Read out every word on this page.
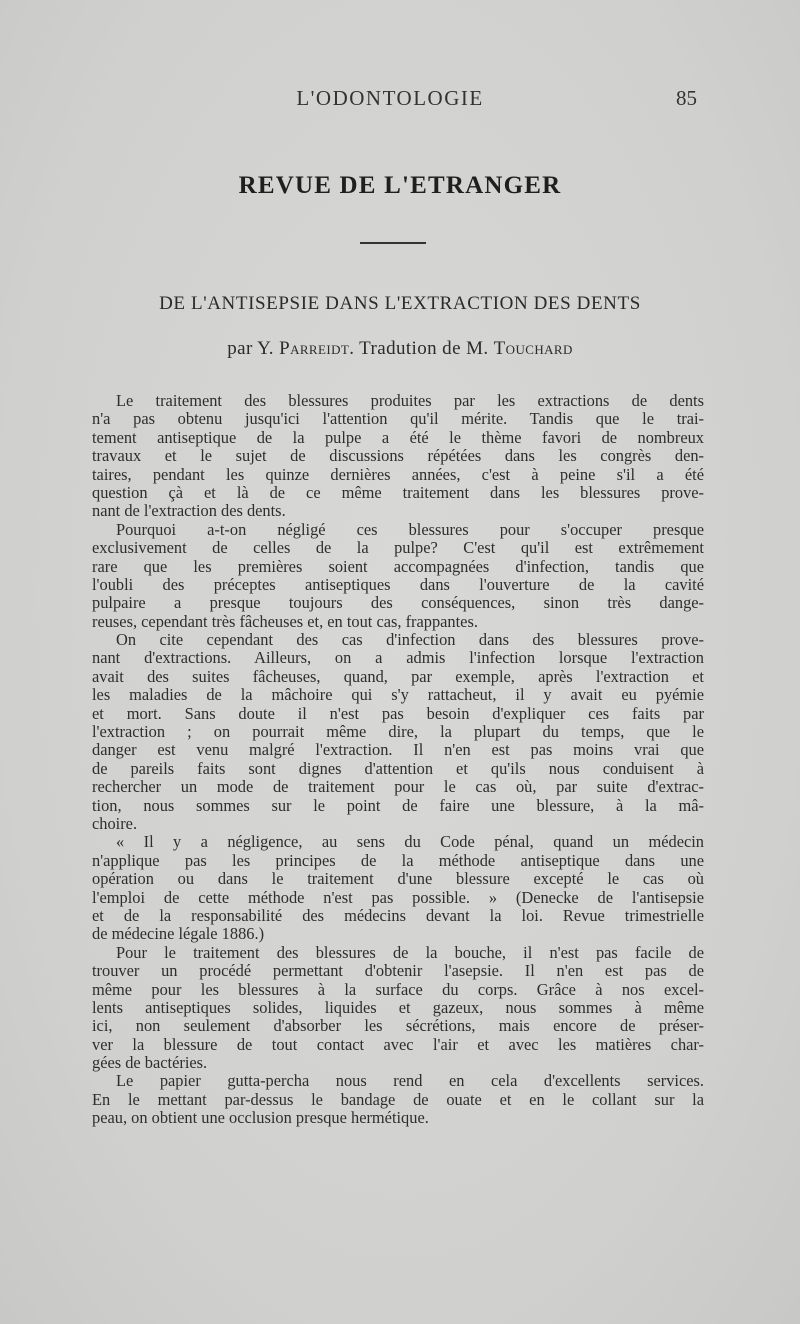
L'ODONTOLOGIE	85
REVUE DE L'ETRANGER
DE L'ANTISEPSIE DANS L'EXTRACTION DES DENTS
par Y. Parreidt. Tradution de M. Touchard
Le traitement des blessures produites par les extractions de dents
n'a pas obtenu jusqu'ici l'attention qu'il mérite. Tandis que le trai-
tement antiseptique de la pulpe a été le thème favori de nombreux
travaux et le sujet de discussions répétées dans les congrès den-
taires, pendant les quinze dernières années, c'est à peine s'il a été
question çà et là de ce même traitement dans les blessures prove-
nant de l'extraction des dents.
Pourquoi a-t-on négligé ces blessures pour s'occuper presque
exclusivement de celles de la pulpe? C'est qu'il est extrêmement
rare que les premières soient accompagnées d'infection, tandis que
l'oubli des préceptes antiseptiques dans l'ouverture de la cavité
pulpaire a presque toujours des conséquences, sinon très dange-
reuses, cependant très fâcheuses et, en tout cas, frappantes.
On cite cependant des cas d'infection dans des blessures prove-
nant d'extractions. Ailleurs, on a admis l'infection lorsque l'extraction
avait des suites fâcheuses, quand, par exemple, après l'extraction et
les maladies de la mâchoire qui s'y rattacheut, il y avait eu pyémie
et mort. Sans doute il n'est pas besoin d'expliquer ces faits par
l'extraction ; on pourrait même dire, la plupart du temps, que le
danger est venu malgré l'extraction. Il n'en est pas moins vrai que
de pareils faits sont dignes d'attention et qu'ils nous conduisent à
rechercher un mode de traitement pour le cas où, par suite d'extrac-
tion, nous sommes sur le point de faire une blessure, à la mâ-
choire.
« Il y a négligence, au sens du Code pénal, quand un médecin
n'applique pas les principes de la méthode antiseptique dans une
opération ou dans le traitement d'une blessure excepté le cas où
l'emploi de cette méthode n'est pas possible. » (Denecke de l'antisepsie
et de la responsabilité des médecins devant la loi. Revue trimestrielle
de médecine légale 1886.)
Pour le traitement des blessures de la bouche, il n'est pas facile de
trouver un procédé permettant d'obtenir l'asepsie. Il n'en est pas de
même pour les blessures à la surface du corps. Grâce à nos excel-
lents antiseptiques solides, liquides et gazeux, nous sommes à même
ici, non seulement d'absorber les sécrétions, mais encore de préser-
ver la blessure de tout contact avec l'air et avec les matières char-
gées de bactéries.
Le papier gutta-percha nous rend en cela d'excellents services.
En le mettant par-dessus le bandage de ouate et en le collant sur la
peau, on obtient une occlusion presque hermétique.
